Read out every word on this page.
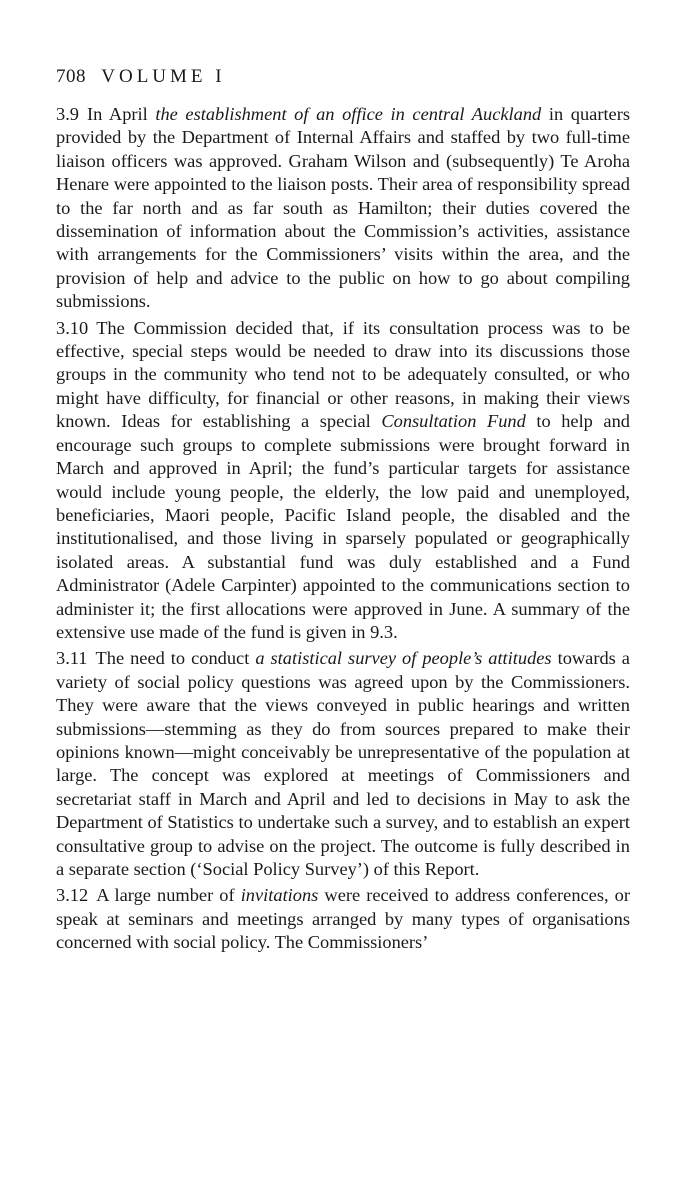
708 VOLUME I

3.9 In April the establishment of an office in central Auckland in quarters provided by the Department of Internal Affairs and staffed by two full-time liaison officers was approved. Graham Wilson and (subsequently) Te Aroha Henare were appointed to the liaison posts. Their area of responsibility spread to the far north and as far south as Hamilton; their duties covered the dissemination of information about the Commission’s activities, assistance with arrangements for the Commissioners’ visits within the area, and the provision of help and advice to the public on how to go about compiling submissions.

3.10 The Commission decided that, if its consultation process was to be effective, special steps would be needed to draw into its discussions those groups in the community who tend not to be adequately consulted, or who might have difficulty, for financial or other reasons, in making their views known. Ideas for establishing a special Consultation Fund to help and encourage such groups to complete submissions were brought forward in March and approved in April; the fund’s particular targets for assistance would include young people, the elderly, the low paid and unemployed, beneficiaries, Maori people, Pacific Island people, the disabled and the institutionalised, and those living in sparsely populated or geographically isolated areas. A substantial fund was duly established and a Fund Administrator (Adele Carpinter) appointed to the communications section to administer it; the first allocations were approved in June. A summary of the extensive use made of the fund is given in 9.3.

3.11 The need to conduct a statistical survey of people’s attitudes towards a variety of social policy questions was agreed upon by the Commissioners. They were aware that the views conveyed in public hearings and written submissions—stemming as they do from sources prepared to make their opinions known—might conceivably be unrepresentative of the population at large. The concept was explored at meetings of Commissioners and secretariat staff in March and April and led to decisions in May to ask the Department of Statistics to undertake such a survey, and to establish an expert consultative group to advise on the project. The outcome is fully described in a separate section (‘Social Policy Survey’) of this Report.

3.12 A large number of invitations were received to address conferences, or speak at seminars and meetings arranged by many types of organisations concerned with social policy. The Commissioners’
